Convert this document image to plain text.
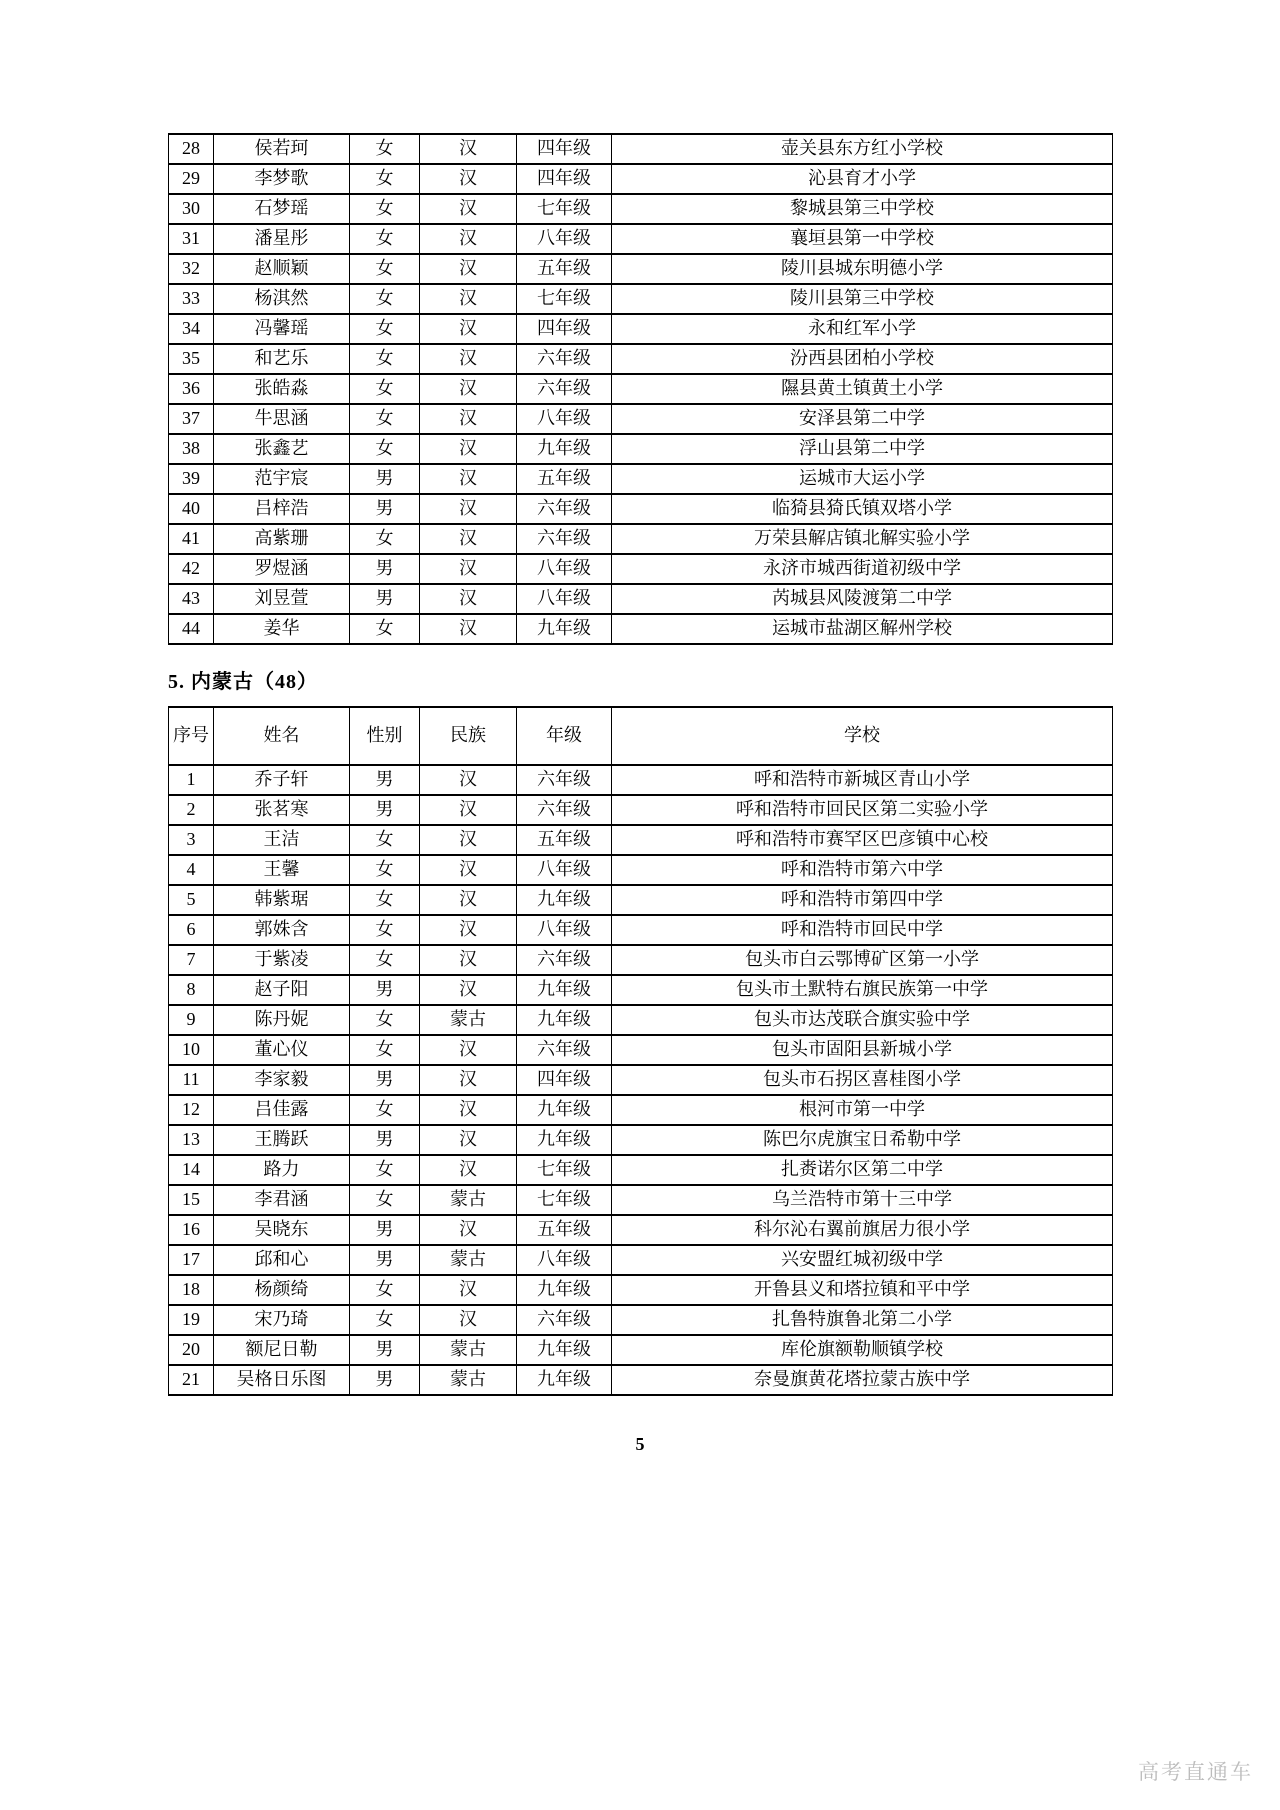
28	侯若珂	女	汉	四年级	壶关县东方红小学校
29	李梦歌	女	汉	四年级	沁县育才小学
30	石梦瑶	女	汉	七年级	黎城县第三中学校
31	潘星彤	女	汉	八年级	襄垣县第一中学校
32	赵顺颖	女	汉	五年级	陵川县城东明德小学
33	杨淇然	女	汉	七年级	陵川县第三中学校
34	冯馨瑶	女	汉	四年级	永和红军小学
35	和艺乐	女	汉	六年级	汾西县团柏小学校
36	张皓淼	女	汉	六年级	隰县黄土镇黄土小学
37	牛思涵	女	汉	八年级	安泽县第二中学
38	张鑫艺	女	汉	九年级	浮山县第二中学
39	范宇宸	男	汉	五年级	运城市大运小学
40	吕梓浩	男	汉	六年级	临猗县猗氏镇双塔小学
41	高紫珊	女	汉	六年级	万荣县解店镇北解实验小学
42	罗煜涵	男	汉	八年级	永济市城西街道初级中学
43	刘昱萱	男	汉	八年级	芮城县风陵渡第二中学
44	姜华	女	汉	九年级	运城市盐湖区解州学校
5. 内蒙古（48）
序号	姓名	性别	民族	年级	学校
1	乔子轩	男	汉	六年级	呼和浩特市新城区青山小学
2	张茗寒	男	汉	六年级	呼和浩特市回民区第二实验小学
3	王洁	女	汉	五年级	呼和浩特市赛罕区巴彦镇中心校
4	王馨	女	汉	八年级	呼和浩特市第六中学
5	韩紫琚	女	汉	九年级	呼和浩特市第四中学
6	郭姝含	女	汉	八年级	呼和浩特市回民中学
7	于紫凌	女	汉	六年级	包头市白云鄂博矿区第一小学
8	赵子阳	男	汉	九年级	包头市土默特右旗民族第一中学
9	陈丹妮	女	蒙古	九年级	包头市达茂联合旗实验中学
10	董心仪	女	汉	六年级	包头市固阳县新城小学
11	李家毅	男	汉	四年级	包头市石拐区喜桂图小学
12	吕佳露	女	汉	九年级	根河市第一中学
13	王腾跃	男	汉	九年级	陈巴尔虎旗宝日希勒中学
14	路力	女	汉	七年级	扎赉诺尔区第二中学
15	李君涵	女	蒙古	七年级	乌兰浩特市第十三中学
16	吴晓东	男	汉	五年级	科尔沁右翼前旗居力很小学
17	邱和心	男	蒙古	八年级	兴安盟红城初级中学
18	杨颜绮	女	汉	九年级	开鲁县义和塔拉镇和平中学
19	宋乃琦	女	汉	六年级	扎鲁特旗鲁北第二小学
20	额尼日勒	男	蒙古	九年级	库伦旗额勒顺镇学校
21	吴格日乐图	男	蒙古	九年级	奈曼旗黄花塔拉蒙古族中学
5
高考直通车
